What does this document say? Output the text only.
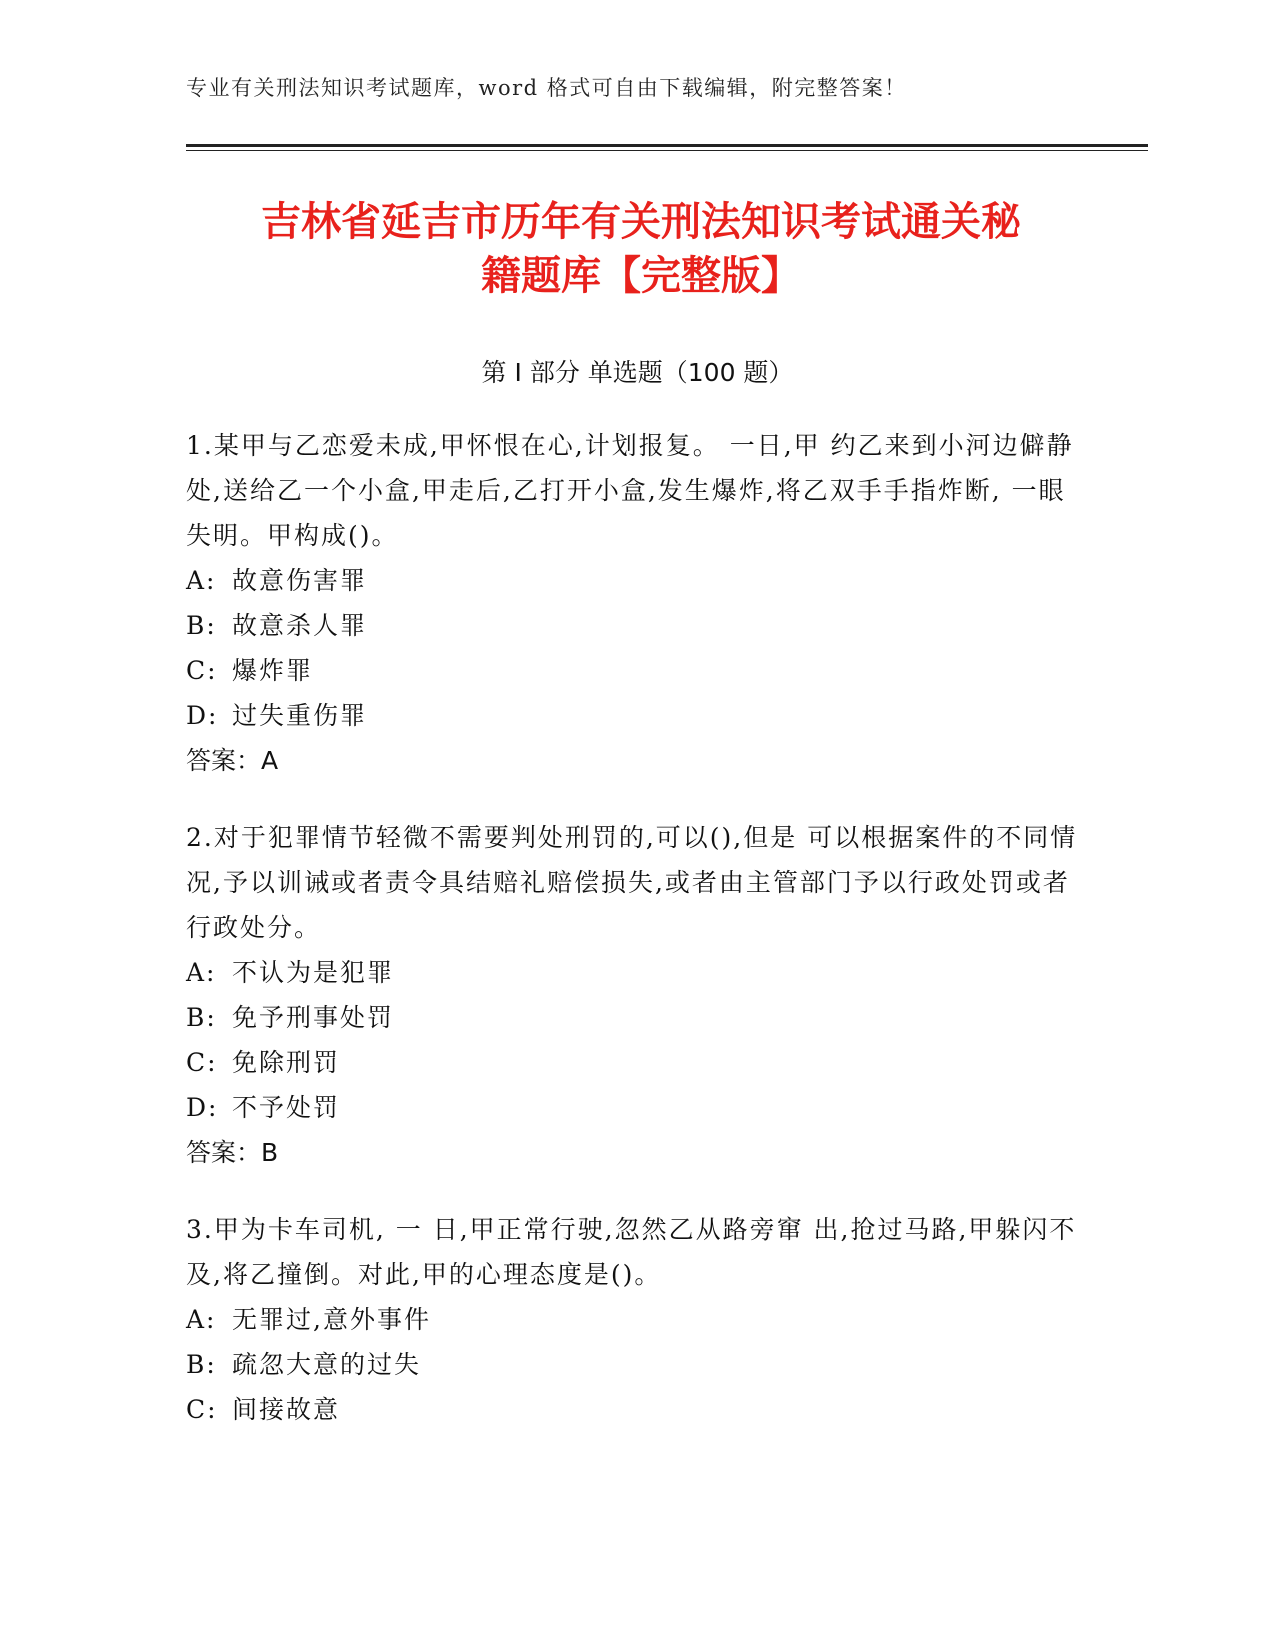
专业有关刑法知识考试题库，word 格式可自由下载编辑，附完整答案！
吉林省延吉市历年有关刑法知识考试通关秘
籍题库【完整版】
第 I 部分 单选题（100 题）
1.某甲与乙恋爱未成,甲怀恨在心,计划报复。 一日,甲 约乙来到小河边僻静处,送给乙一个小盒,甲走后,乙打开小盒,发生爆炸,将乙双手手指炸断, 一眼失明。甲构成()。
A: 故意伤害罪
B: 故意杀人罪
C: 爆炸罪
D: 过失重伤罪
答案：A
2.对于犯罪情节轻微不需要判处刑罚的,可以(),但是 可以根据案件的不同情况,予以训诫或者责令具结赔礼赔偿损失,或者由主管部门予以行政处罚或者行政处分。
A: 不认为是犯罪
B: 免予刑事处罚
C: 免除刑罚
D: 不予处罚
答案：B
3.甲为卡车司机, 一 日,甲正常行驶,忽然乙从路旁窜 出,抢过马路,甲躲闪不及,将乙撞倒。对此,甲的心理态度是()。
A: 无罪过,意外事件
B: 疏忽大意的过失
C: 间接故意
